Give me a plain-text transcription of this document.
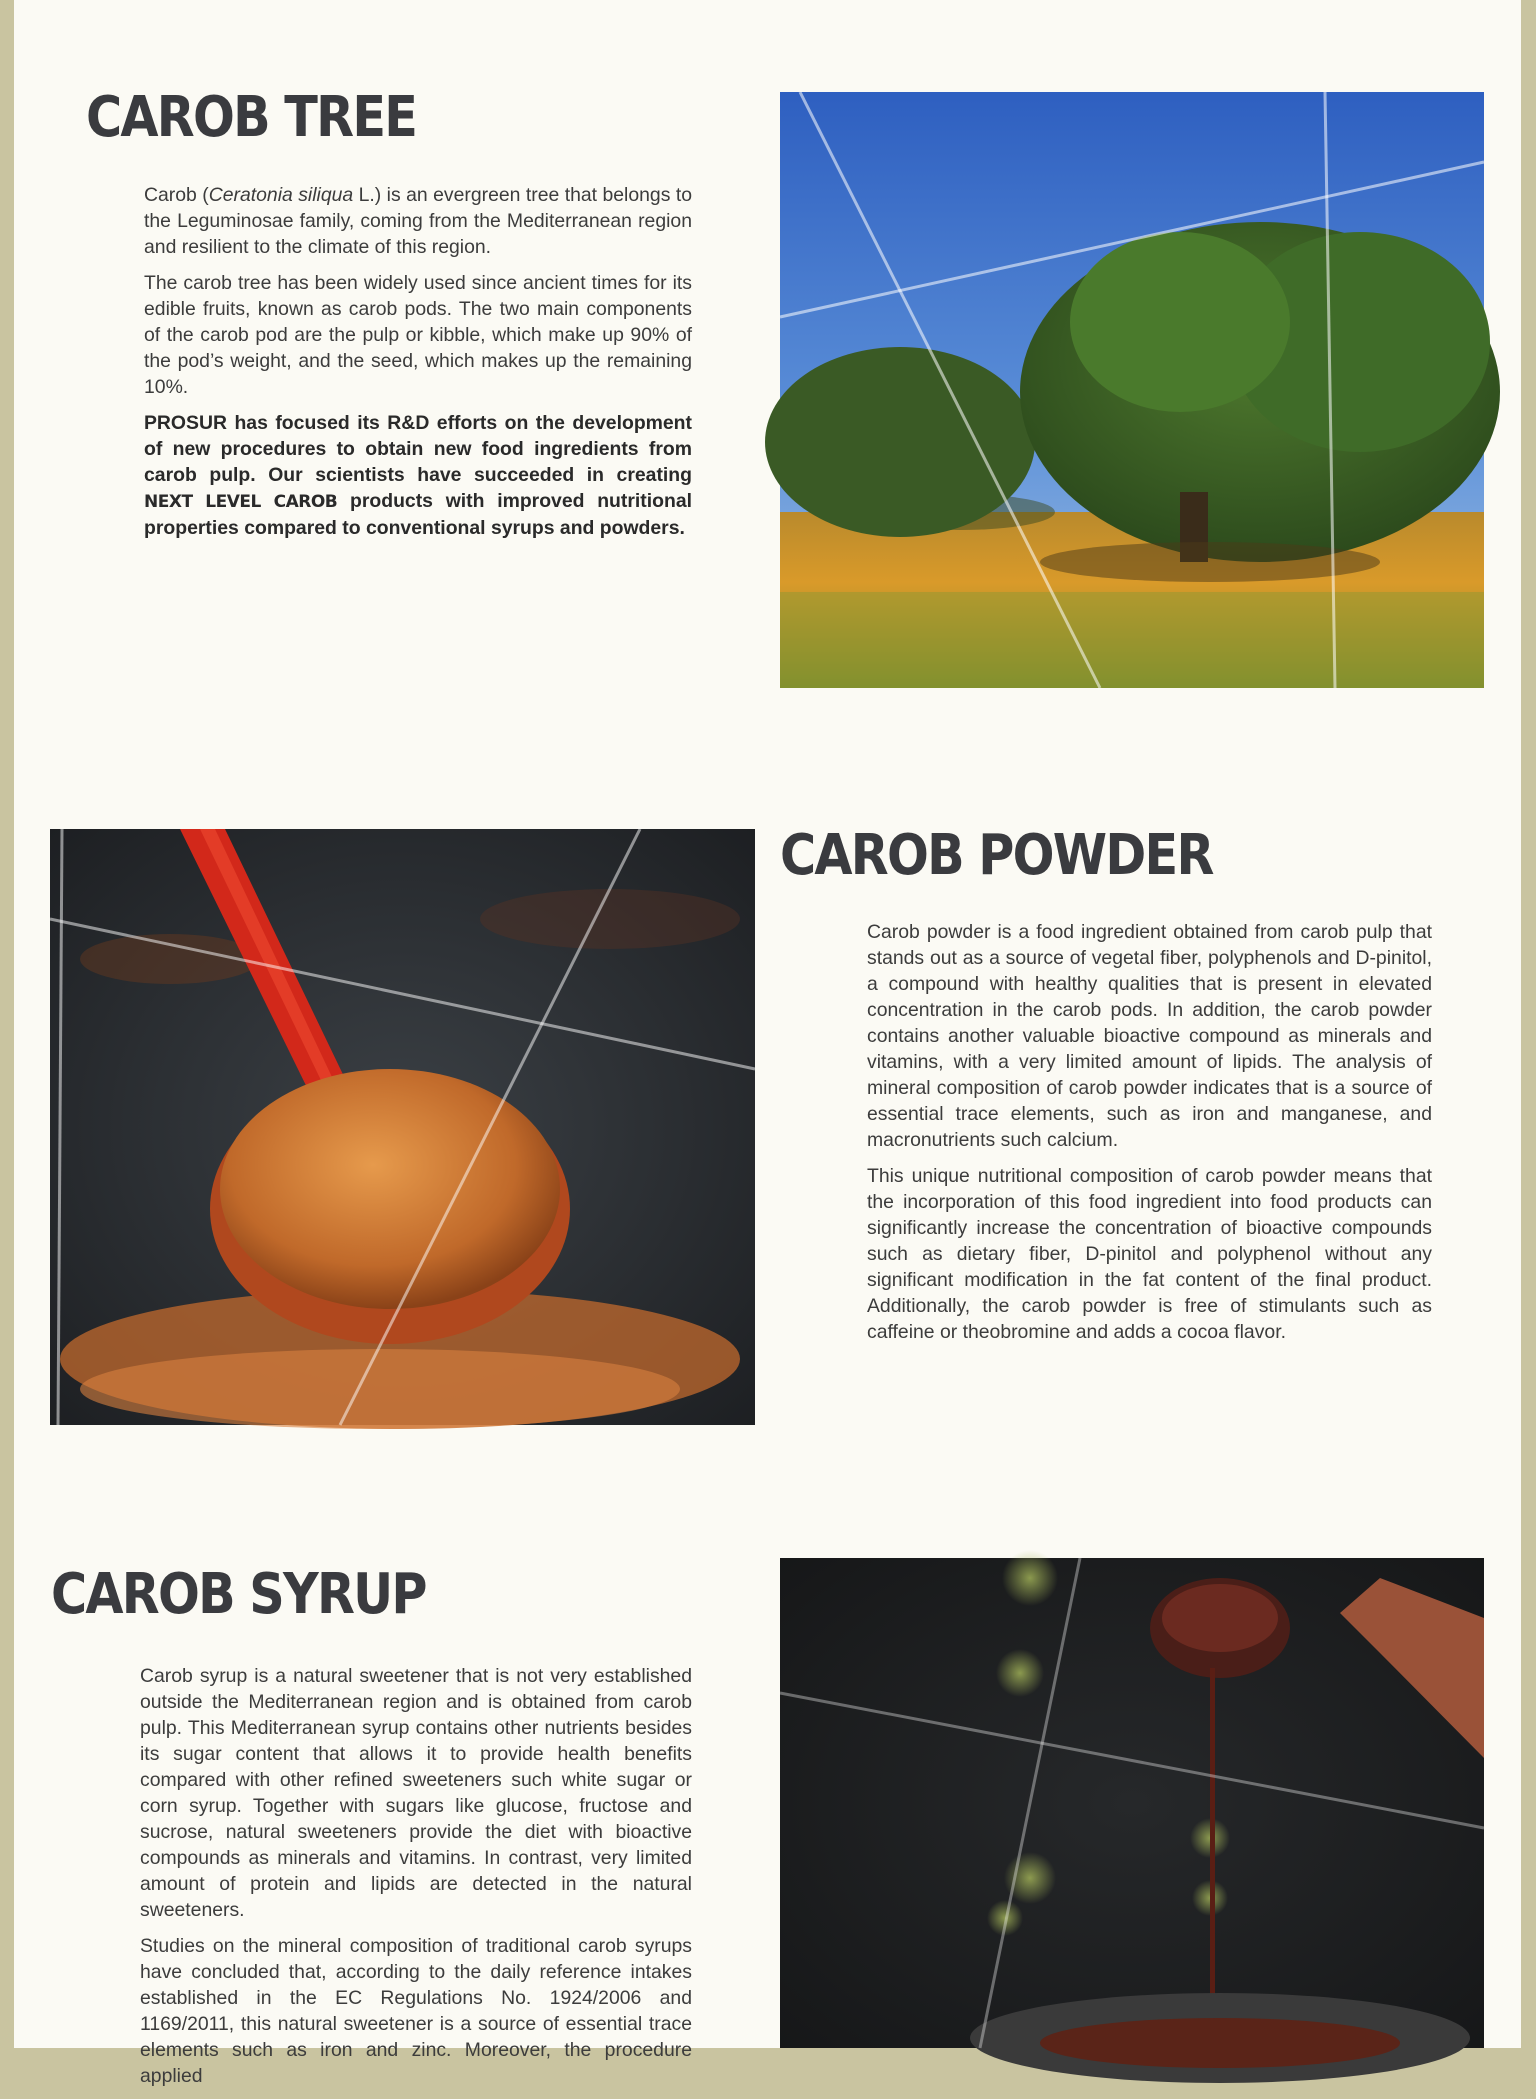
CAROB TREE

Carob (Ceratonia siliqua L.) is an evergreen tree that belongs to the Leguminosae family, coming from the Mediterranean region and resilient to the climate of this region.

The carob tree has been widely used since ancient times for its edible fruits, known as carob pods. The two main components of the carob pod are the pulp or kibble, which make up 90% of the pod’s weight, and the seed, which makes up the remaining 10%.

PROSUR has focused its R&D efforts on the development of new procedures to obtain new food ingredients from carob pulp. Our scientists have succeeded in creating NEXT LEVEL CAROB products with improved nutritional properties compared to conventional syrups and powders.

CAROB POWDER

Carob powder is a food ingredient obtained from carob pulp that stands out as a source of vegetal fiber, polyphenols and D-pinitol, a compound with healthy qualities that is present in elevated concentration in the carob pods. In addition, the carob powder contains another valuable bioactive compound as minerals and vitamins, with a very limited amount of lipids. The analysis of mineral composition of carob powder indicates that is a source of essential trace elements, such as iron and manganese, and macronutrients such calcium.

This unique nutritional composition of carob powder means that the incorporation of this food ingredient into food products can significantly increase the concentration of bioactive compounds such as dietary fiber, D-pinitol and polyphenol without any significant modification in the fat content of the final product. Additionally, the carob powder is free of stimulants such as caffeine or theobromine and adds a cocoa flavor.

CAROB SYRUP

Carob syrup is a natural sweetener that is not very established outside the Mediterranean region and is obtained from carob pulp. This Mediterranean syrup contains other nutrients besides its sugar content that allows it to provide health benefits compared with other refined sweeteners such white sugar or corn syrup. Together with sugars like glucose, fructose and sucrose, natural sweeteners provide the diet with bioactive compounds as minerals and vitamins. In contrast, very limited amount of protein and lipids are detected in the natural sweeteners.

Studies on the mineral composition of traditional carob syrups have concluded that, according to the daily reference intakes established in the EC Regulations No. 1924/2006 and 1169/2011, this natural sweetener is a source of essential trace elements such as iron and zinc. Moreover, the procedure applied
